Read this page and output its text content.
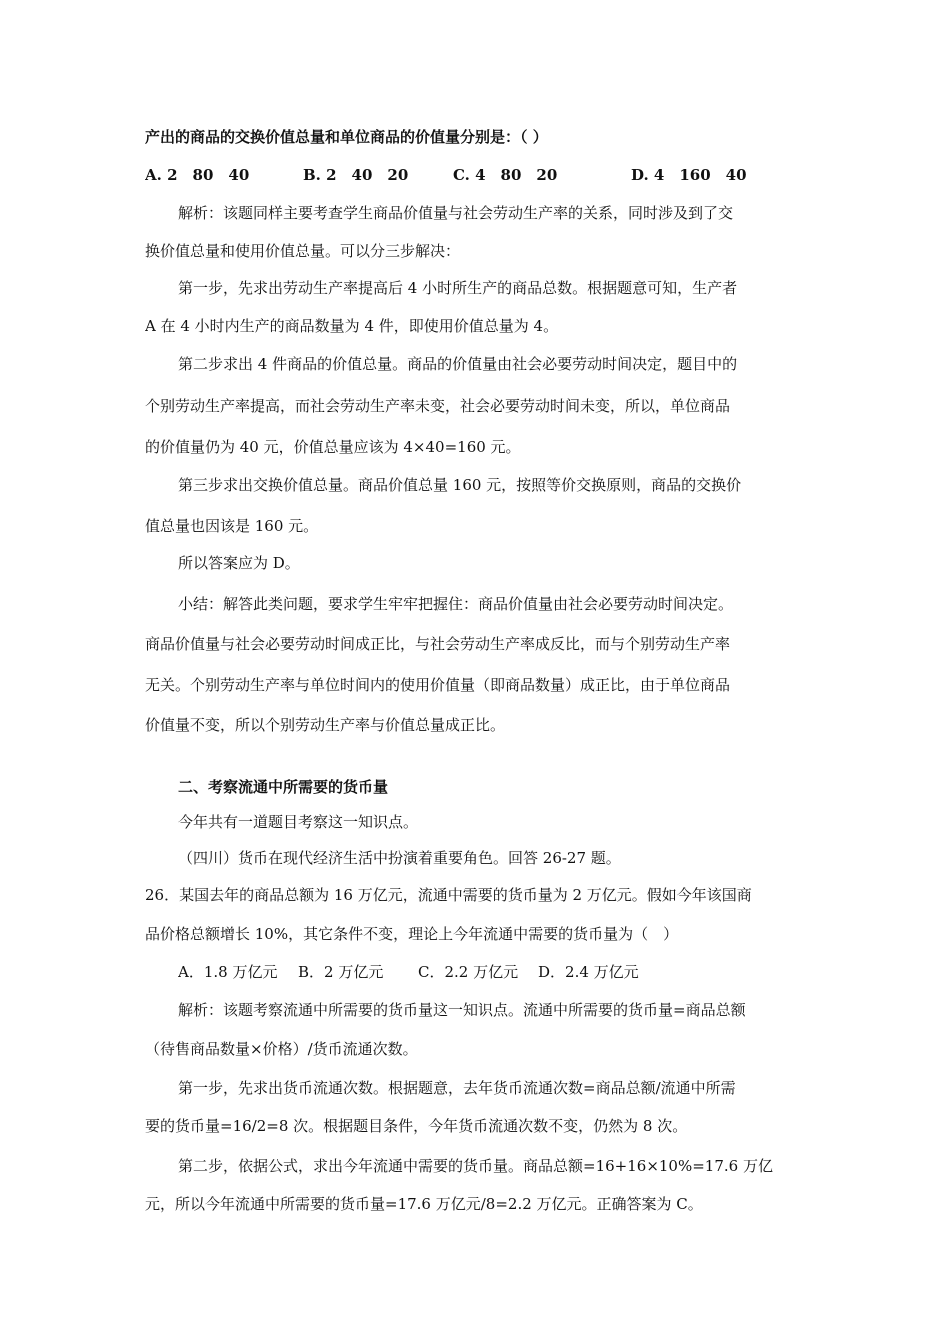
产出的商品的交换价值总量和单位商品的价值量分别是：（ ）
A. 2　80　40	B. 2　40　20	C. 4　80　20	D. 4　160　40
解析：该题同样主要考查学生商品价值量与社会劳动生产率的关系，同时涉及到了交
换价值总量和使用价值总量。可以分三步解决：
第一步，先求出劳动生产率提高后 4 小时所生产的商品总数。根据题意可知，生产者
A 在 4 小时内生产的商品数量为 4 件，即使用价值总量为 4。
第二步求出 4 件商品的价值总量。商品的价值量由社会必要劳动时间决定，题目中的
个别劳动生产率提高，而社会劳动生产率未变，社会必要劳动时间未变，所以，单位商品
的价值量仍为 40 元，价值总量应该为 4×40=160 元。
第三步求出交换价值总量。商品价值总量 160 元，按照等价交换原则，商品的交换价
值总量也因该是 160 元。
所以答案应为 D。
小结：解答此类问题，要求学生牢牢把握住：商品价值量由社会必要劳动时间决定。
商品价值量与社会必要劳动时间成正比，与社会劳动生产率成反比，而与个别劳动生产率
无关。个别劳动生产率与单位时间内的使用价值量（即商品数量）成正比，由于单位商品
价值量不变，所以个别劳动生产率与价值总量成正比。
二、考察流通中所需要的货币量
今年共有一道题目考察这一知识点。
（四川）货币在现代经济生活中扮演着重要角色。回答 26-27 题。
26．某国去年的商品总额为 16 万亿元，流通中需要的货币量为 2 万亿元。假如今年该国商
品价格总额增长 10%，其它条件不变，理论上今年流通中需要的货币量为（　）
A．1.8 万亿元 B．2 万亿元 C．2.2 万亿元 D．2.4 万亿元
解析：该题考察流通中所需要的货币量这一知识点。流通中所需要的货币量=商品总额
（待售商品数量×价格）/货币流通次数。
第一步，先求出货币流通次数。根据题意，去年货币流通次数=商品总额/流通中所需
要的货币量=16/2=8 次。根据题目条件，今年货币流通次数不变，仍然为 8 次。
第二步，依据公式，求出今年流通中需要的货币量。商品总额=16+16×10%=17.6 万亿
元，所以今年流通中所需要的货币量=17.6 万亿元/8=2.2 万亿元。正确答案为 C。
